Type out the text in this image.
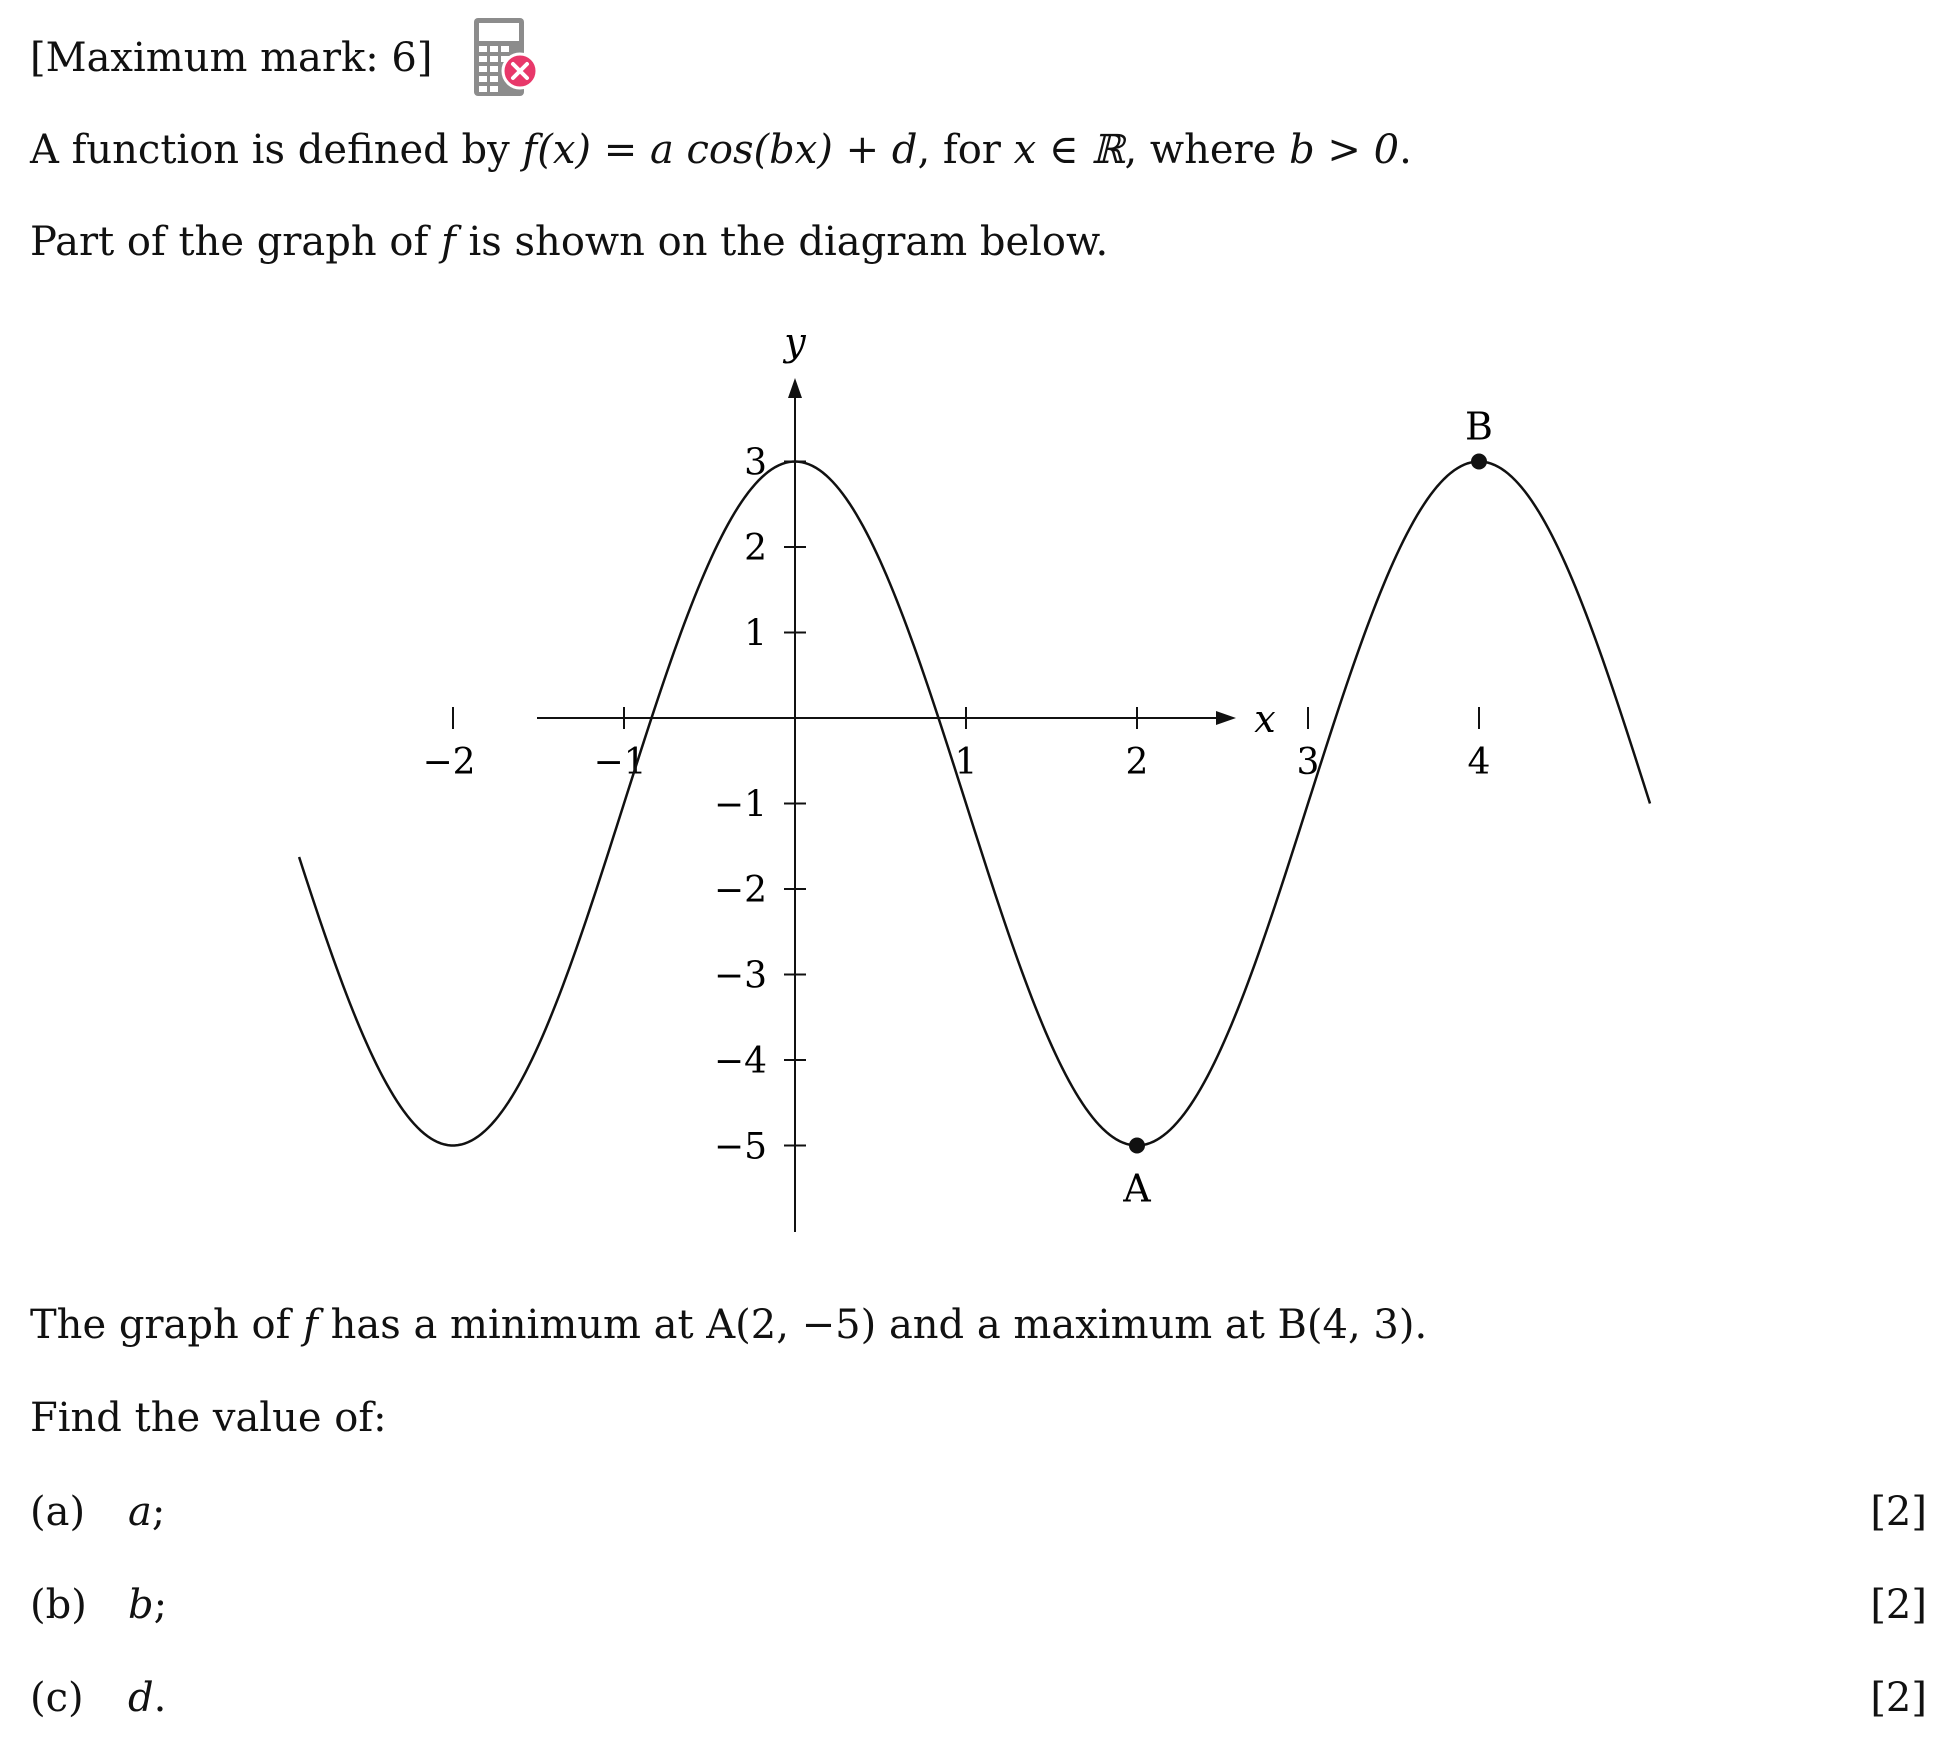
[Maximum mark: 6]
A function is defined by f(x) = a cos(bx) + d, for x ∈ ℝ, where b > 0.
Part of the graph of f is shown on the diagram below.
x
y
−2	−1	1	2	3	4
3
2
1
−1
−2
−3
−4
−5
A
B
The graph of f has a minimum at A(2, −5) and a maximum at B(4, 3).
Find the value of:
(a) a;	[2]
(b) b;	[2]
(c) d.	[2]
